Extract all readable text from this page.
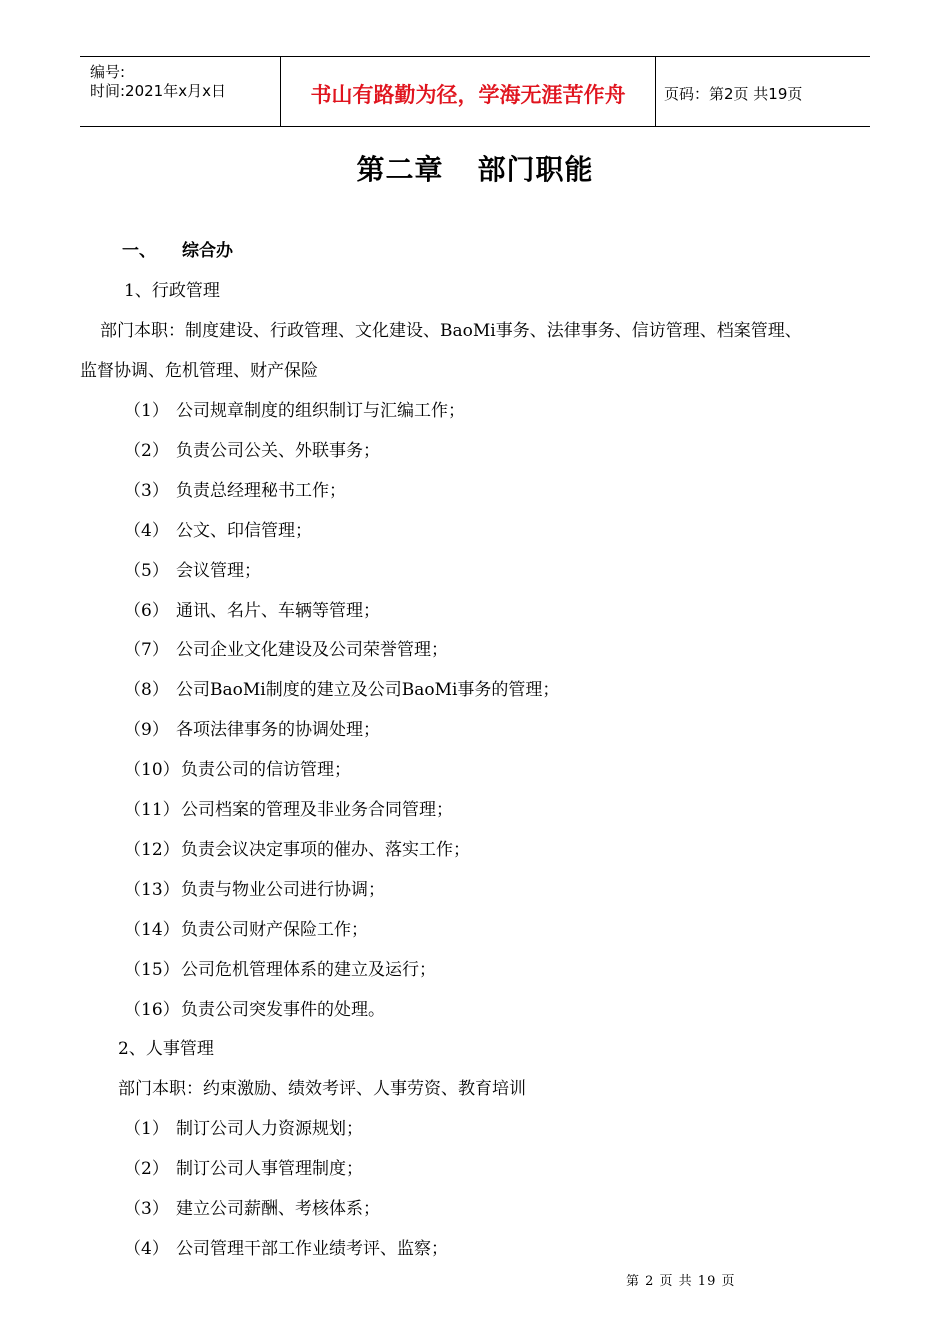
编号:
时间:2021年x月x日	书山有路勤为径，学海无涯苦作舟	页码：第2页 共19页
第二章 部门职能
一、 综合办
1、行政管理
部门本职：制度建设、行政管理、文化建设、BaoMi事务、法律事务、信访管理、档案管理、
监督协调、危机管理、财产保险
（1） 公司规章制度的组织制订与汇编工作；
（2） 负责公司公关、外联事务；
（3） 负责总经理秘书工作；
（4） 公文、印信管理；
（5） 会议管理；
（6） 通讯、名片、车辆等管理；
（7） 公司企业文化建设及公司荣誉管理；
（8） 公司BaoMi制度的建立及公司BaoMi事务的管理；
（9） 各项法律事务的协调处理；
（10）负责公司的信访管理；
（11）公司档案的管理及非业务合同管理；
（12）负责会议决定事项的催办、落实工作；
（13）负责与物业公司进行协调；
（14）负责公司财产保险工作；
（15）公司危机管理体系的建立及运行；
（16）负责公司突发事件的处理。
2、人事管理
部门本职：约束激励、绩效考评、人事劳资、教育培训
（1） 制订公司人力资源规划；
（2） 制订公司人事管理制度；
（3） 建立公司薪酬、考核体系；
（4） 公司管理干部工作业绩考评、监察；
第 2 页 共 19 页
